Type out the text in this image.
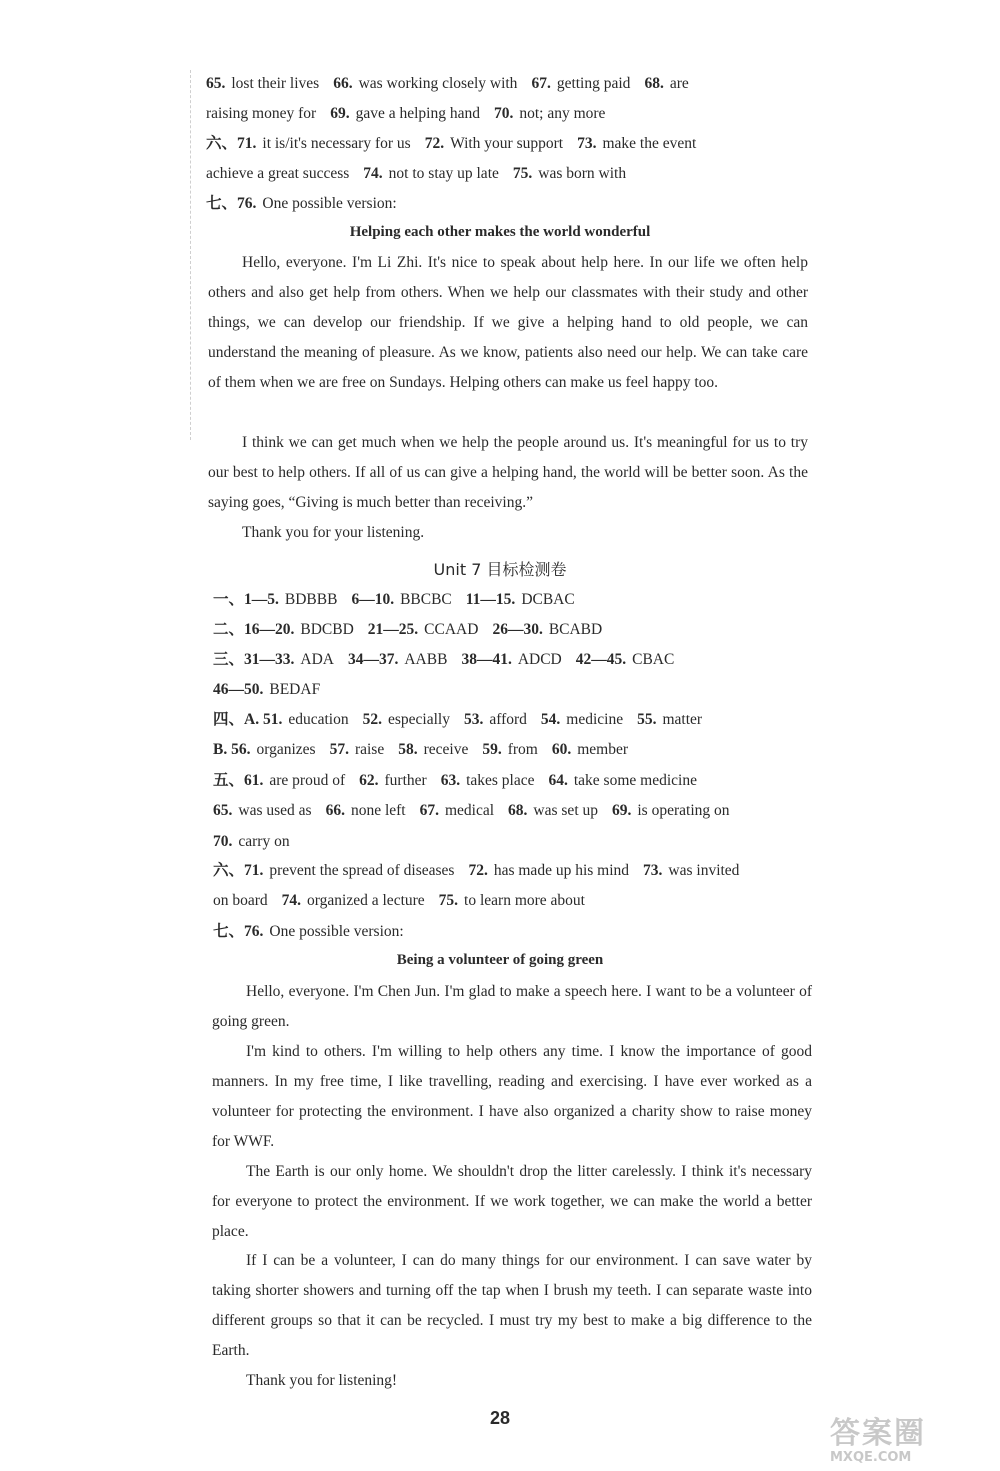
65. lost their lives 66. was working closely with 67. getting paid 68. are
raising money for 69. gave a helping hand 70. not; any more
六、71. it is/it's necessary for us 72. With your support 73. make the event
achieve a great success 74. not to stay up late 75. was born with
七、76. One possible version:
Helping each other makes the world wonderful
Hello, everyone. I'm Li Zhi. It's nice to speak about help here. In our life we often help others and also get help from others. When we help our classmates with their study and other things, we can develop our friendship. If we give a helping hand to old people, we can understand the meaning of pleasure. As we know, patients also need our help. We can take care of them when we are free on Sundays. Helping others can make us feel happy too.
I think we can get much when we help the people around us. It's meaningful for us to try our best to help others. If all of us can give a helping hand, the world will be better soon. As the saying goes, “Giving is much better than receiving.”
Thank you for your listening.
Unit 7 目标检测卷
一、1—5. BDBBB 6—10. BBCBC 11—15. DCBAC
二、16—20. BDCBD 21—25. CCAAD 26—30. BCABD
三、31—33. ADA 34—37. AABB 38—41. ADCD 42—45. CBAC
46—50. BEDAF
四、A. 51. education 52. especially 53. afford 54. medicine 55. matter
B. 56. organizes 57. raise 58. receive 59. from 60. member
五、61. are proud of 62. further 63. takes place 64. take some medicine
65. was used as 66. none left 67. medical 68. was set up 69. is operating on
70. carry on
六、71. prevent the spread of diseases 72. has made up his mind 73. was invited
on board 74. organized a lecture 75. to learn more about
七、76. One possible version:
Being a volunteer of going green
Hello, everyone. I'm Chen Jun. I'm glad to make a speech here. I want to be a volunteer of going green.
I'm kind to others. I'm willing to help others any time. I know the importance of good manners. In my free time, I like travelling, reading and exercising. I have ever worked as a volunteer for protecting the environment. I have also organized a charity show to raise money for WWF.
The Earth is our only home. We shouldn't drop the litter carelessly. I think it's necessary for everyone to protect the environment. If we work together, we can make the world a better place.
If I can be a volunteer, I can do many things for our environment. I can save water by taking shorter showers and turning off the tap when I brush my teeth. I can separate waste into different groups so that it can be recycled. I must try my best to make a big difference to the Earth.
Thank you for listening!
28	答案圈
MXQE.COM
